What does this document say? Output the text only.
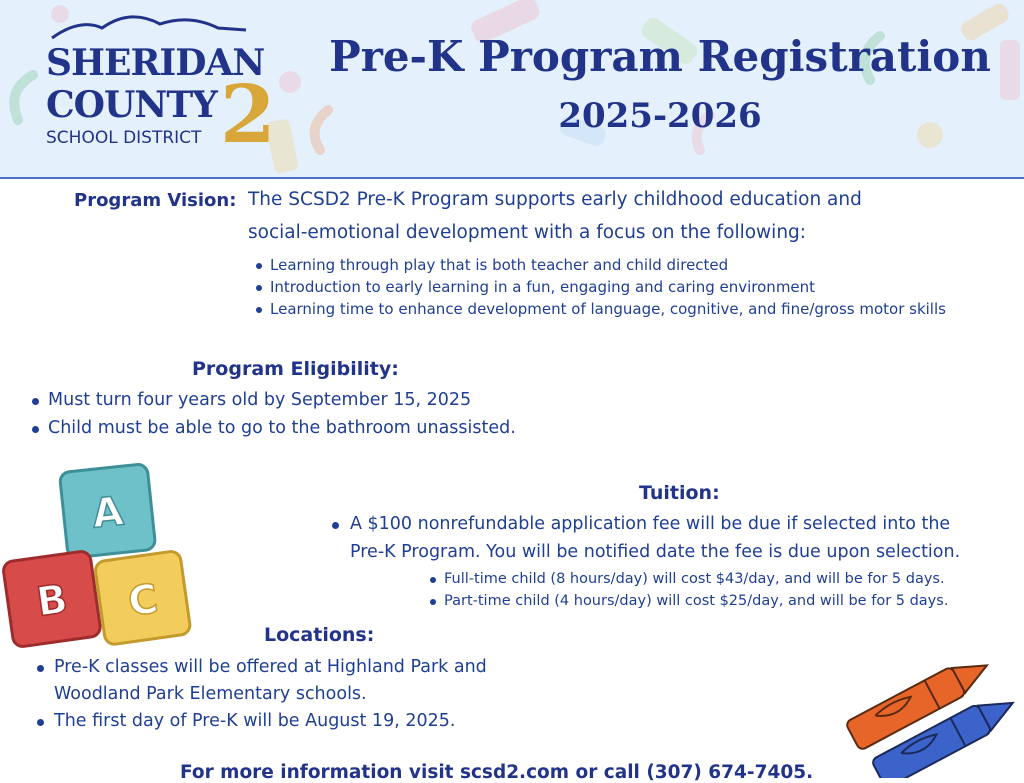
SHERIDAN
COUNTY
SCHOOL DISTRICT 2
Pre-K Program Registration
2025-2026
Program Vision: The SCSD2 Pre-K Program supports early childhood education and
social-emotional development with a focus on the following:
Learning through play that is both teacher and child directed
Introduction to early learning in a fun, engaging and caring environment
Learning time to enhance development of language, cognitive, and fine/gross motor skills
Program Eligibility:
Must turn four years old by September 15, 2025
Child must be able to go to the bathroom unassisted.
A
B C
Tuition:
A $100 nonrefundable application fee will be due if selected into the
Pre-K Program. You will be notified date the fee is due upon selection.
Full-time child (8 hours/day) will cost $43/day, and will be for 5 days.
Part-time child (4 hours/day) will cost $25/day, and will be for 5 days.
Locations:
Pre-K classes will be offered at Highland Park and
Woodland Park Elementary schools.
The first day of Pre-K will be August 19, 2025.
For more information visit scsd2.com or call (307) 674-7405.
